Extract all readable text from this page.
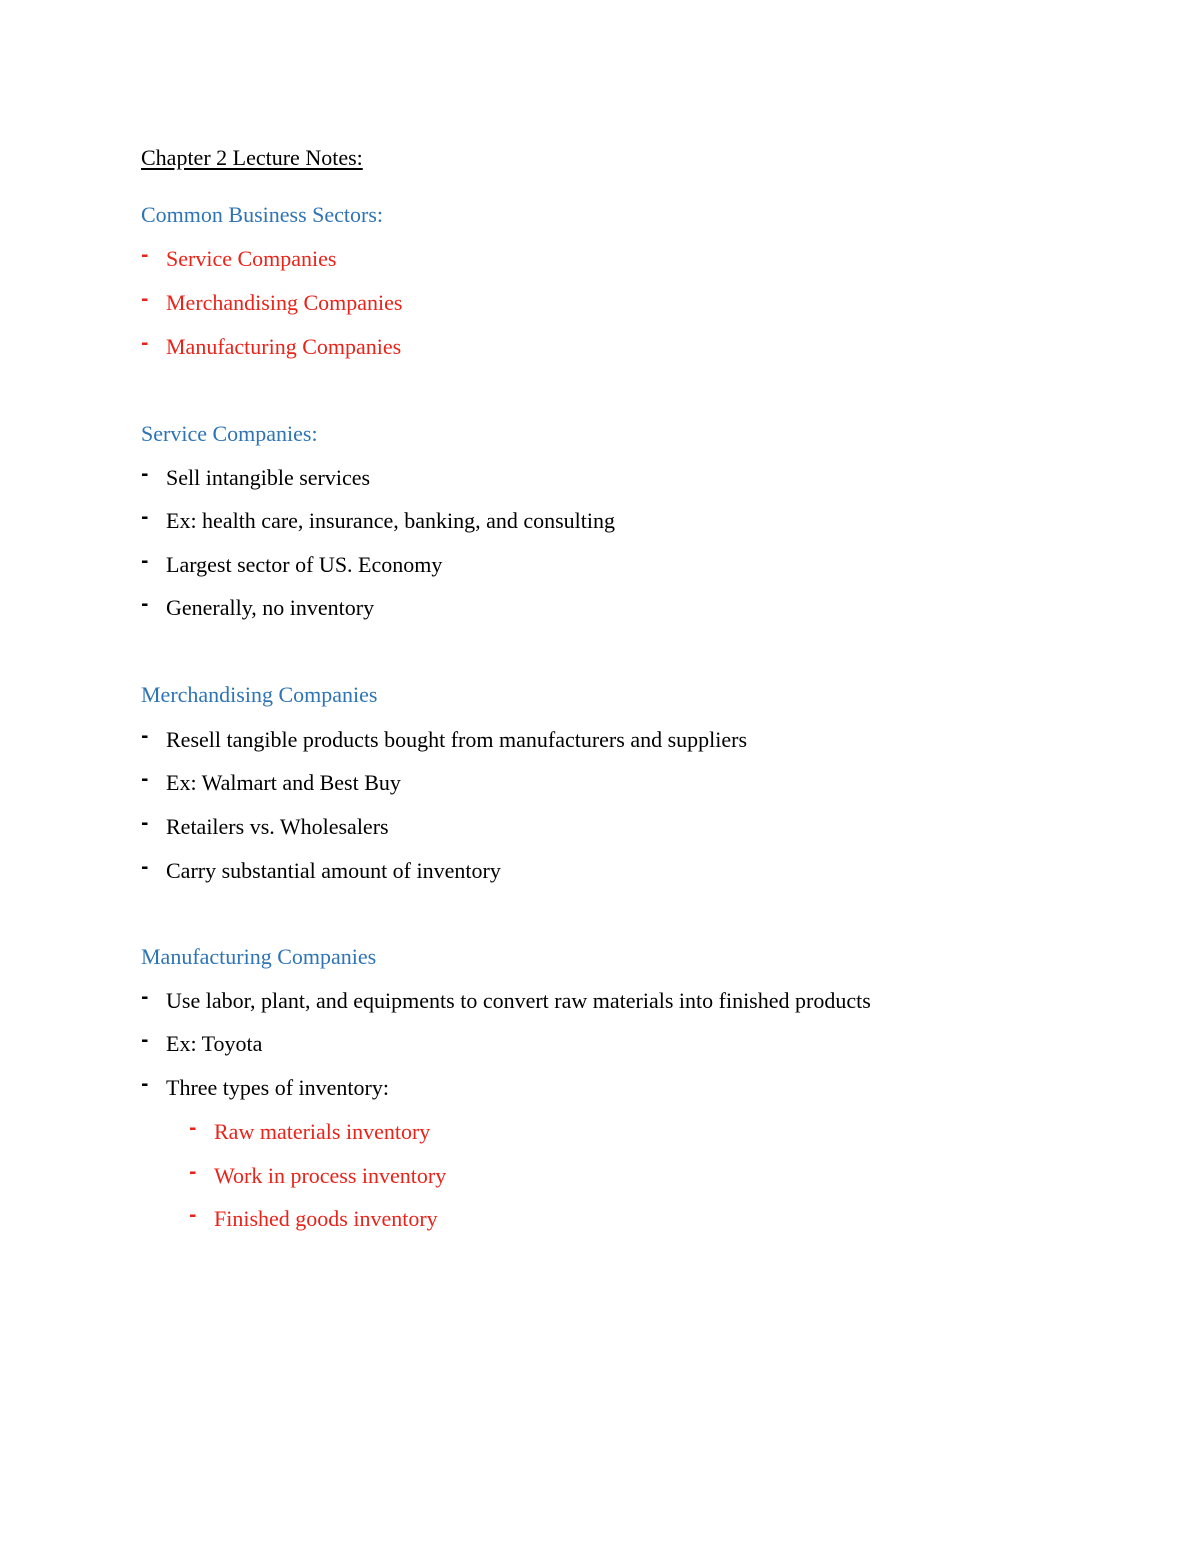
Chapter 2 Lecture Notes:
Common Business Sectors:
- Service Companies
- Merchandising Companies
- Manufacturing Companies
Service Companies:
- Sell intangible services
- Ex: health care, insurance, banking, and consulting
- Largest sector of US. Economy
- Generally, no inventory
Merchandising Companies
- Resell tangible products bought from manufacturers and suppliers
- Ex: Walmart and Best Buy
- Retailers vs. Wholesalers
- Carry substantial amount of inventory
Manufacturing Companies
- Use labor, plant, and equipments to convert raw materials into finished products
- Ex: Toyota
- Three types of inventory:
- Raw materials inventory
- Work in process inventory
- Finished goods inventory
